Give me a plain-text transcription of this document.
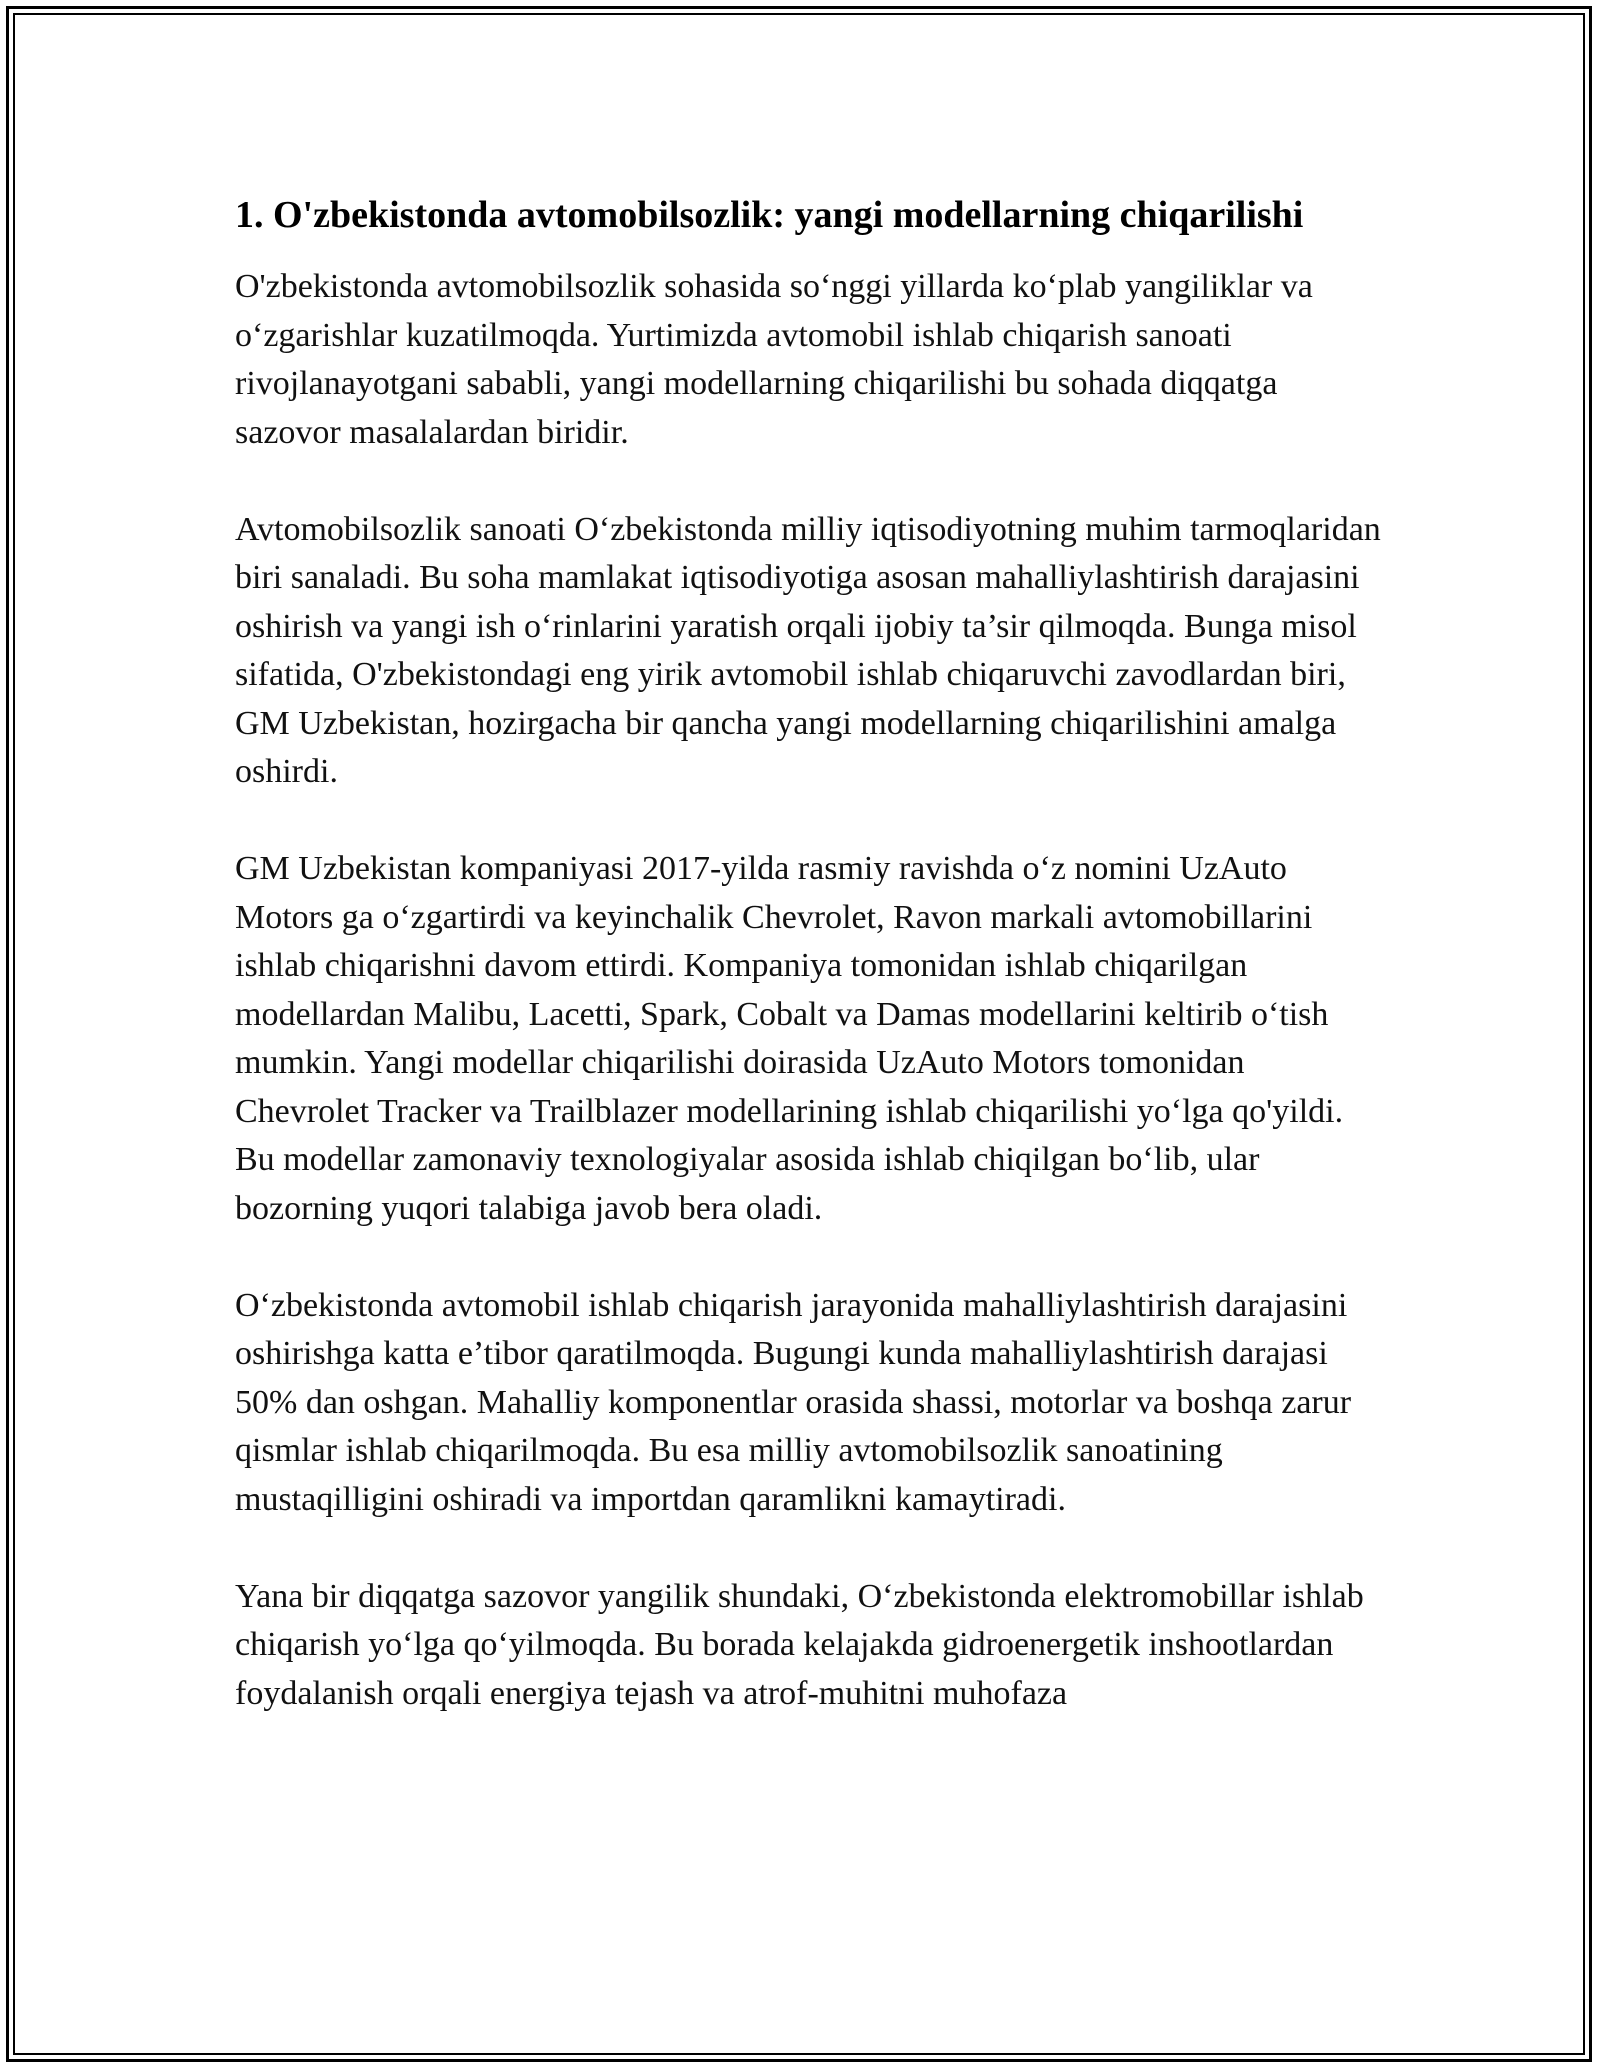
1. O'zbekistonda avtomobilsozlik: yangi modellarning chiqarilishi

O'zbekistonda avtomobilsozlik sohasida so‘nggi yillarda ko‘plab yangiliklar va o‘zgarishlar kuzatilmoqda. Yurtimizda avtomobil ishlab chiqarish sanoati rivojlanayotgani sababli, yangi modellarning chiqarilishi bu sohada diqqatga sazovor masalalardan biridir.

Avtomobilsozlik sanoati O‘zbekistonda milliy iqtisodiyotning muhim tarmoqlaridan biri sanaladi. Bu soha mamlakat iqtisodiyotiga asosan mahalliylashtirish darajasini oshirish va yangi ish o‘rinlarini yaratish orqali ijobiy ta’sir qilmoqda. Bunga misol sifatida, O'zbekistondagi eng yirik avtomobil ishlab chiqaruvchi zavodlardan biri, GM Uzbekistan, hozirgacha bir qancha yangi modellarning chiqarilishini amalga oshirdi.

GM Uzbekistan kompaniyasi 2017-yilda rasmiy ravishda o‘z nomini UzAuto Motors ga o‘zgartirdi va keyinchalik Chevrolet, Ravon markali avtomobillarini ishlab chiqarishni davom ettirdi. Kompaniya tomonidan ishlab chiqarilgan modellardan Malibu, Lacetti, Spark, Cobalt va Damas modellarini keltirib o‘tish mumkin. Yangi modellar chiqarilishi doirasida UzAuto Motors tomonidan Chevrolet Tracker va Trailblazer modellarining ishlab chiqarilishi yo‘lga qo'yildi. Bu modellar zamonaviy texnologiyalar asosida ishlab chiqilgan bo‘lib, ular bozorning yuqori talabiga javob bera oladi.

O‘zbekistonda avtomobil ishlab chiqarish jarayonida mahalliylashtirish darajasini oshirishga katta e’tibor qaratilmoqda. Bugungi kunda mahalliylashtirish darajasi 50% dan oshgan. Mahalliy komponentlar orasida shassi, motorlar va boshqa zarur qismlar ishlab chiqarilmoqda. Bu esa milliy avtomobilsozlik sanoatining mustaqilligini oshiradi va importdan qaramlikni kamaytiradi.

Yana bir diqqatga sazovor yangilik shundaki, O‘zbekistonda elektromobillar ishlab chiqarish yo‘lga qo‘yilmoqda. Bu borada kelajakda gidroenergetik inshootlardan foydalanish orqali energiya tejash va atrof-muhitni muhofaza
